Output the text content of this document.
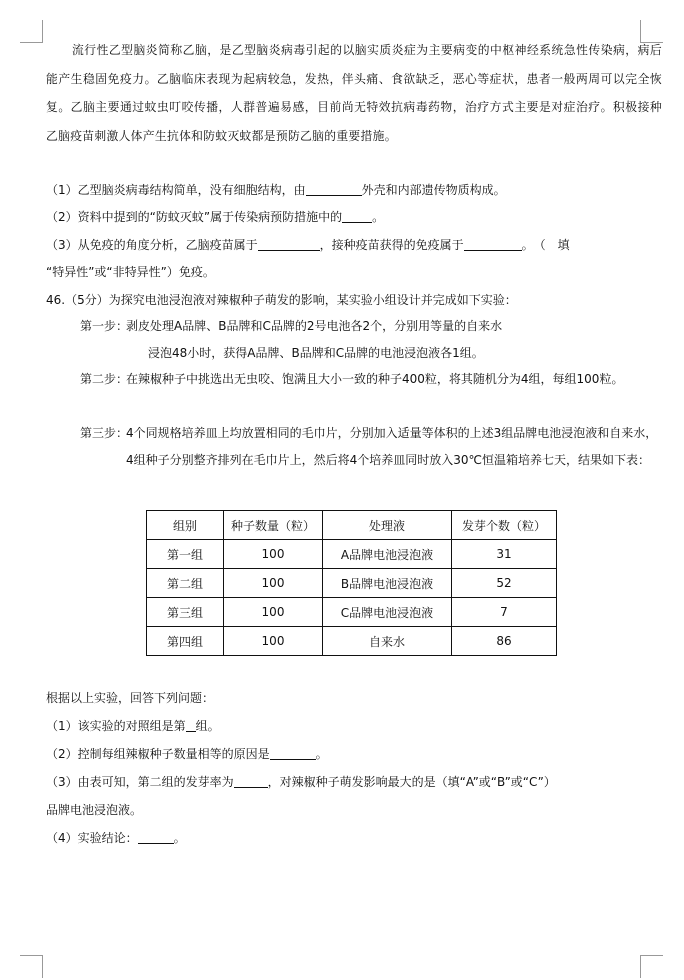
流行性乙型脑炎简称乙脑，是乙型脑炎病毒引起的以脑实质炎症为主要病变的中枢神经系统急性传染病，病后能产生稳固免疫力。乙脑临床表现为起病较急，发热，伴头痛、食欲缺乏，恶心等症状，患者一般两周可以完全恢复。乙脑主要通过蚊虫叮咬传播，人群普遍易感，目前尚无特效抗病毒药物，治疗方式主要是对症治疗。积极接种乙脑疫苗刺激人体产生抗体和防蚊灭蚊都是预防乙脑的重要措施。
（1）乙型脑炎病毒结构简单，没有细胞结构，由	外壳和内部遗传物质构成。
（2）资料中提到的“防蚊灭蚊”属于传染病预防措施中的	。
（3）从免疫的角度分析，乙脑疫苗属于	，接种疫苗获得的免疫属于	。　（　填
“特异性”或“非特异性”）免疫。
46.（5分）为探究电池浸泡液对辣椒种子萌发的影响，某实验小组设计并完成如下实验：
第一步：
剥皮处理A品牌、B品牌和C品牌的2号电池各2个，分别用等量的自来水
浸泡48小时，获得A品牌、B品牌和C品牌的电池浸泡液各1组。
第二步：
在辣椒种子中挑选出无虫咬、饱满且大小一致的种子400粒，将其随机分为4组，每组100粒。
第三步：
4个同规格培养皿上均放置相同的毛巾片，分别加入适量等体积的上述3组品牌电池浸泡液和自来水，4组种子分别整齐排列在毛巾片上，然后将4个培养皿同时放入30℃恒温箱培养七天，结果如下表：
组别	种子数量（粒）	处理液	发芽个数（粒）
第一组	100	A品牌电池浸泡液	31
第二组	100	B品牌电池浸泡液	52
第三组	100	C品牌电池浸泡液	7
第四组	100	自来水	86
根据以上实验，回答下列问题：
（1）该实验的对照组是第 组。
（2）控制每组辣椒种子数量相等的原因是	。
（3）由表可知，第二组的发芽率为	，对辣椒种子萌发影响最大的是（填“A”或“B”或“C”）
品牌电池浸泡液。
（4）实验结论：	。
